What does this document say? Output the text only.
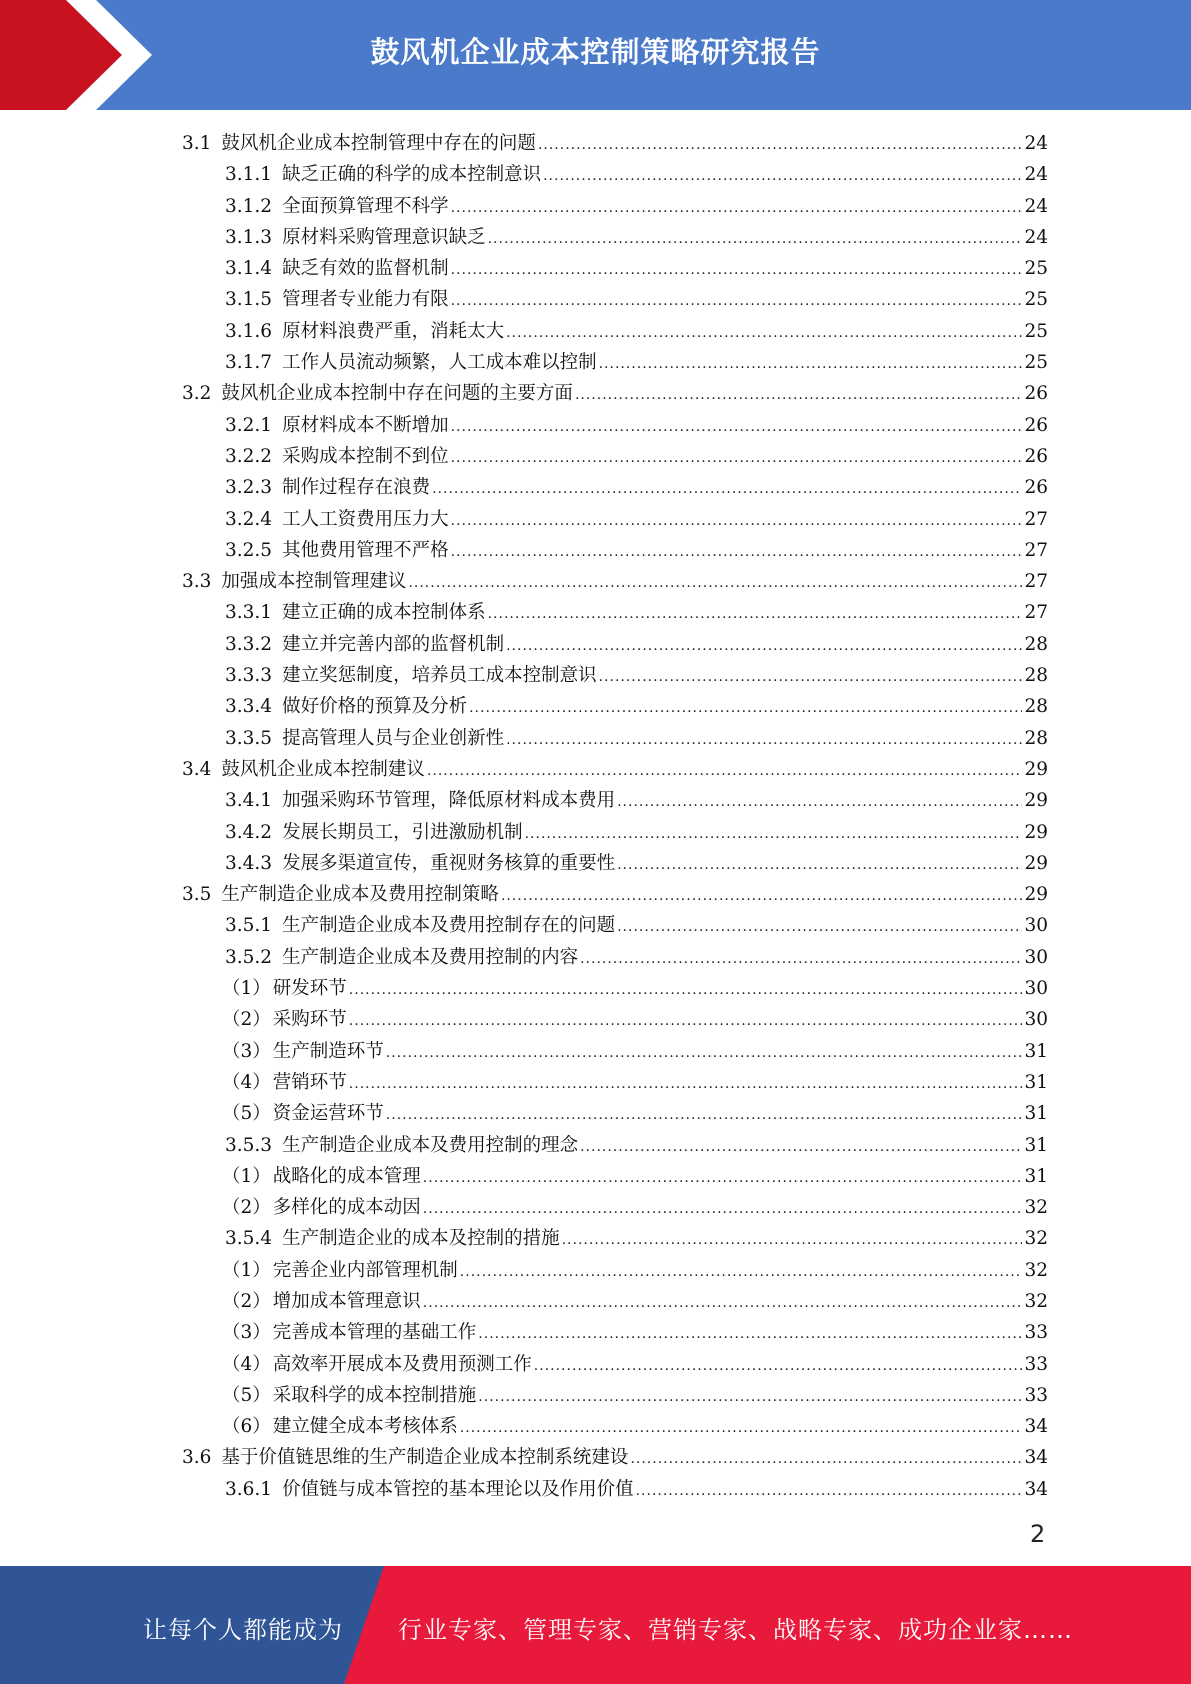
鼓风机企业成本控制策略研究报告
3.1 鼓风机企业成本控制管理中存在的问题 .....	24
3.1.1 缺乏正确的科学的成本控制意识 .....	24
3.1.2 全面预算管理不科学 .....	24
3.1.3 原材料采购管理意识缺乏 .....	24
3.1.4 缺乏有效的监督机制 .....	25
3.1.5 管理者专业能力有限 .....	25
3.1.6 原材料浪费严重，消耗太大 .....	25
3.1.7 工作人员流动频繁，人工成本难以控制 .....	25
3.2 鼓风机企业成本控制中存在问题的主要方面 .....	26
3.2.1 原材料成本不断增加 .....	26
3.2.2 采购成本控制不到位 .....	26
3.2.3 制作过程存在浪费 .....	26
3.2.4 工人工资费用压力大 .....	27
3.2.5 其他费用管理不严格 .....	27
3.3 加强成本控制管理建议 .....	27
3.3.1 建立正确的成本控制体系 .....	27
3.3.2 建立并完善内部的监督机制 .....	28
3.3.3 建立奖惩制度，培养员工成本控制意识 .....	28
3.3.4 做好价格的预算及分析 .....	28
3.3.5 提高管理人员与企业创新性 .....	28
3.4 鼓风机企业成本控制建议 .....	29
3.4.1 加强采购环节管理，降低原材料成本费用 .....	29
3.4.2 发展长期员工，引进激励机制 .....	29
3.4.3 发展多渠道宣传，重视财务核算的重要性 .....	29
3.5 生产制造企业成本及费用控制策略 .....	29
3.5.1 生产制造企业成本及费用控制存在的问题 .....	30
3.5.2 生产制造企业成本及费用控制的内容 .....	30
（1） 研发环节 .....	30
（2） 采购环节 .....	30
（3） 生产制造环节 .....	31
（4） 营销环节 .....	31
（5） 资金运营环节 .....	31
3.5.3 生产制造企业成本及费用控制的理念 .....	31
（1） 战略化的成本管理 .....	31
（2） 多样化的成本动因 .....	32
3.5.4 生产制造企业的成本及控制的措施 .....	32
（1） 完善企业内部管理机制 .....	32
（2） 增加成本管理意识 .....	32
（3） 完善成本管理的基础工作 .....	33
（4） 高效率开展成本及费用预测工作 .....	33
（5） 采取科学的成本控制措施 .....	33
（6） 建立健全成本考核体系 .....	34
3.6 基于价值链思维的生产制造企业成本控制系统建设 .....	34
3.6.1 价值链与成本管控的基本理论以及作用价值 .....	34
2
让每个人都能成为 行业专家、管理专家、营销专家、战略专家、成功企业家……
